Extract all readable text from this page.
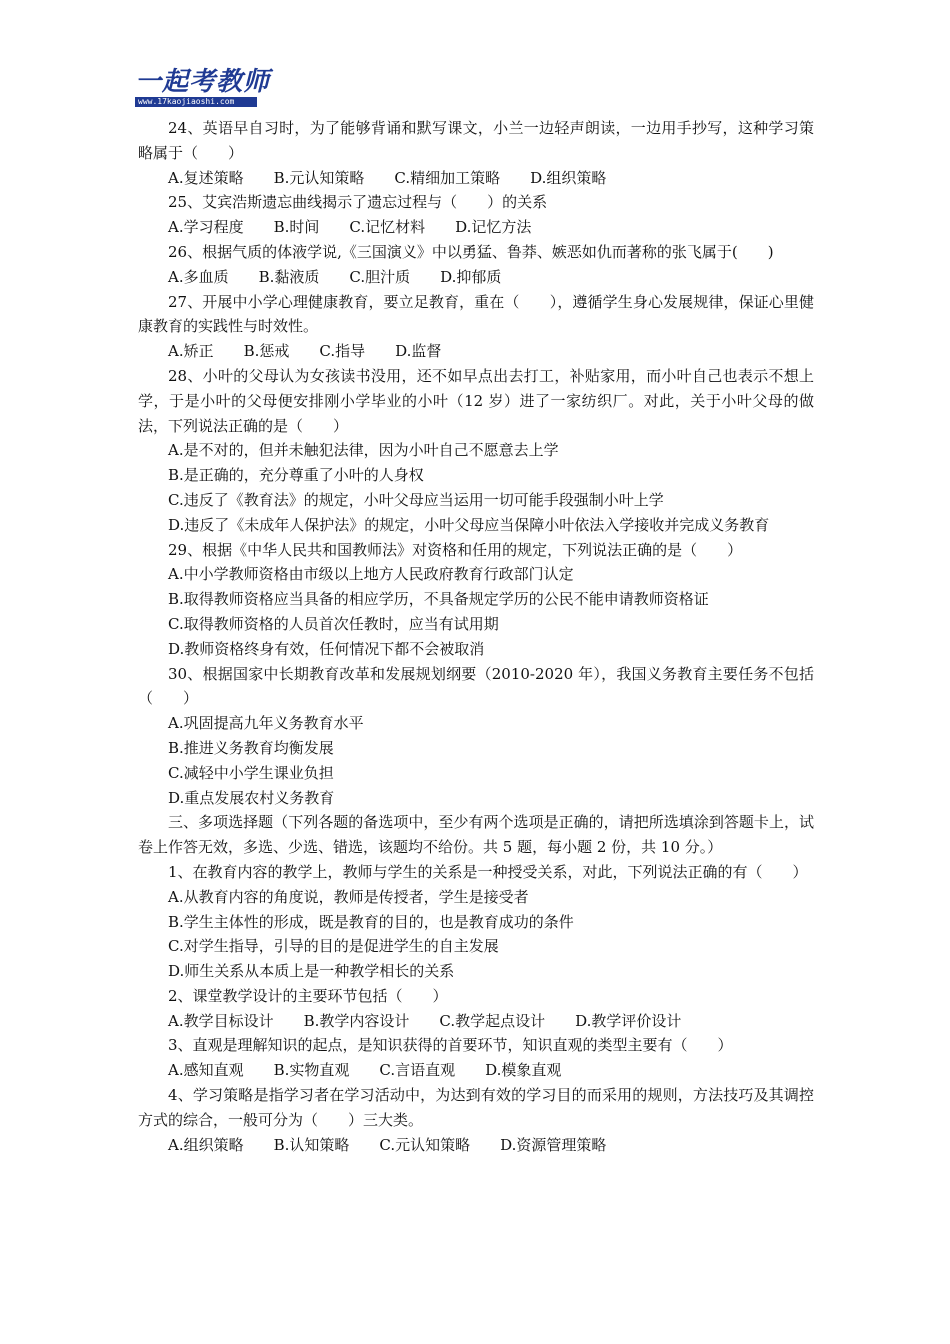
一起考教师
www.17kaojiaoshi.com

24、英语早自习时，为了能够背诵和默写课文，小兰一边轻声朗读，一边用手抄写，这种学习策略属于（　　）

A.复述策略 B.元认知策略 C.精细加工策略 D.组织策略

25、艾宾浩斯遗忘曲线揭示了遗忘过程与（　　）的关系

A.学习程度 B.时间 C.记忆材料 D.记忆方法

26、根据气质的体液学说,《三国演义》中以勇猛、鲁莽、嫉恶如仇而著称的张飞属于(　　)

A.多血质 B.黏液质 C.胆汁质 D.抑郁质

27、开展中小学心理健康教育，要立足教育，重在（　　），遵循学生身心发展规律，保证心里健康教育的实践性与时效性。

A.矫正 B.惩戒 C.指导 D.监督

28、小叶的父母认为女孩读书没用，还不如早点出去打工，补贴家用，而小叶自己也表示不想上学，于是小叶的父母便安排刚小学毕业的小叶（12 岁）进了一家纺织厂。对此，关于小叶父母的做法，下列说法正确的是（　　）

A.是不对的，但并未触犯法律，因为小叶自己不愿意去上学

B.是正确的，充分尊重了小叶的人身权

C.违反了《教育法》的规定，小叶父母应当运用一切可能手段强制小叶上学

D.违反了《未成年人保护法》的规定，小叶父母应当保障小叶依法入学接收并完成义务教育

29、根据《中华人民共和国教师法》对资格和任用的规定，下列说法正确的是（　　）

A.中小学教师资格由市级以上地方人民政府教育行政部门认定

B.取得教师资格应当具备的相应学历，不具备规定学历的公民不能申请教师资格证

C.取得教师资格的人员首次任教时，应当有试用期

D.教师资格终身有效，任何情况下都不会被取消

30、根据国家中长期教育改革和发展规划纲要（2010-2020 年），我国义务教育主要任务不包括（　　）

A.巩固提高九年义务教育水平

B.推进义务教育均衡发展

C.减轻中小学生课业负担

D.重点发展农村义务教育

三、多项选择题（下列各题的备选项中，至少有两个选项是正确的，请把所选填涂到答题卡上，试卷上作答无效，多选、少选、错选，该题均不给份。共 5 题，每小题 2 份，共 10 分。）

1、在教育内容的教学上，教师与学生的关系是一种授受关系，对此，下列说法正确的有（　　）

A.从教育内容的角度说，教师是传授者，学生是接受者

B.学生主体性的形成，既是教育的目的，也是教育成功的条件

C.对学生指导，引导的目的是促进学生的自主发展

D.师生关系从本质上是一种教学相长的关系

2、课堂教学设计的主要环节包括（　　）

A.教学目标设计 B.教学内容设计 C.教学起点设计 D.教学评价设计

3、直观是理解知识的起点，是知识获得的首要环节，知识直观的类型主要有（　　）

A.感知直观 B.实物直观 C.言语直观 D.模象直观

4、学习策略是指学习者在学习活动中，为达到有效的学习目的而采用的规则，方法技巧及其调控方式的综合，一般可分为（　　）三大类。

A.组织策略 B.认知策略 C.元认知策略 D.资源管理策略
